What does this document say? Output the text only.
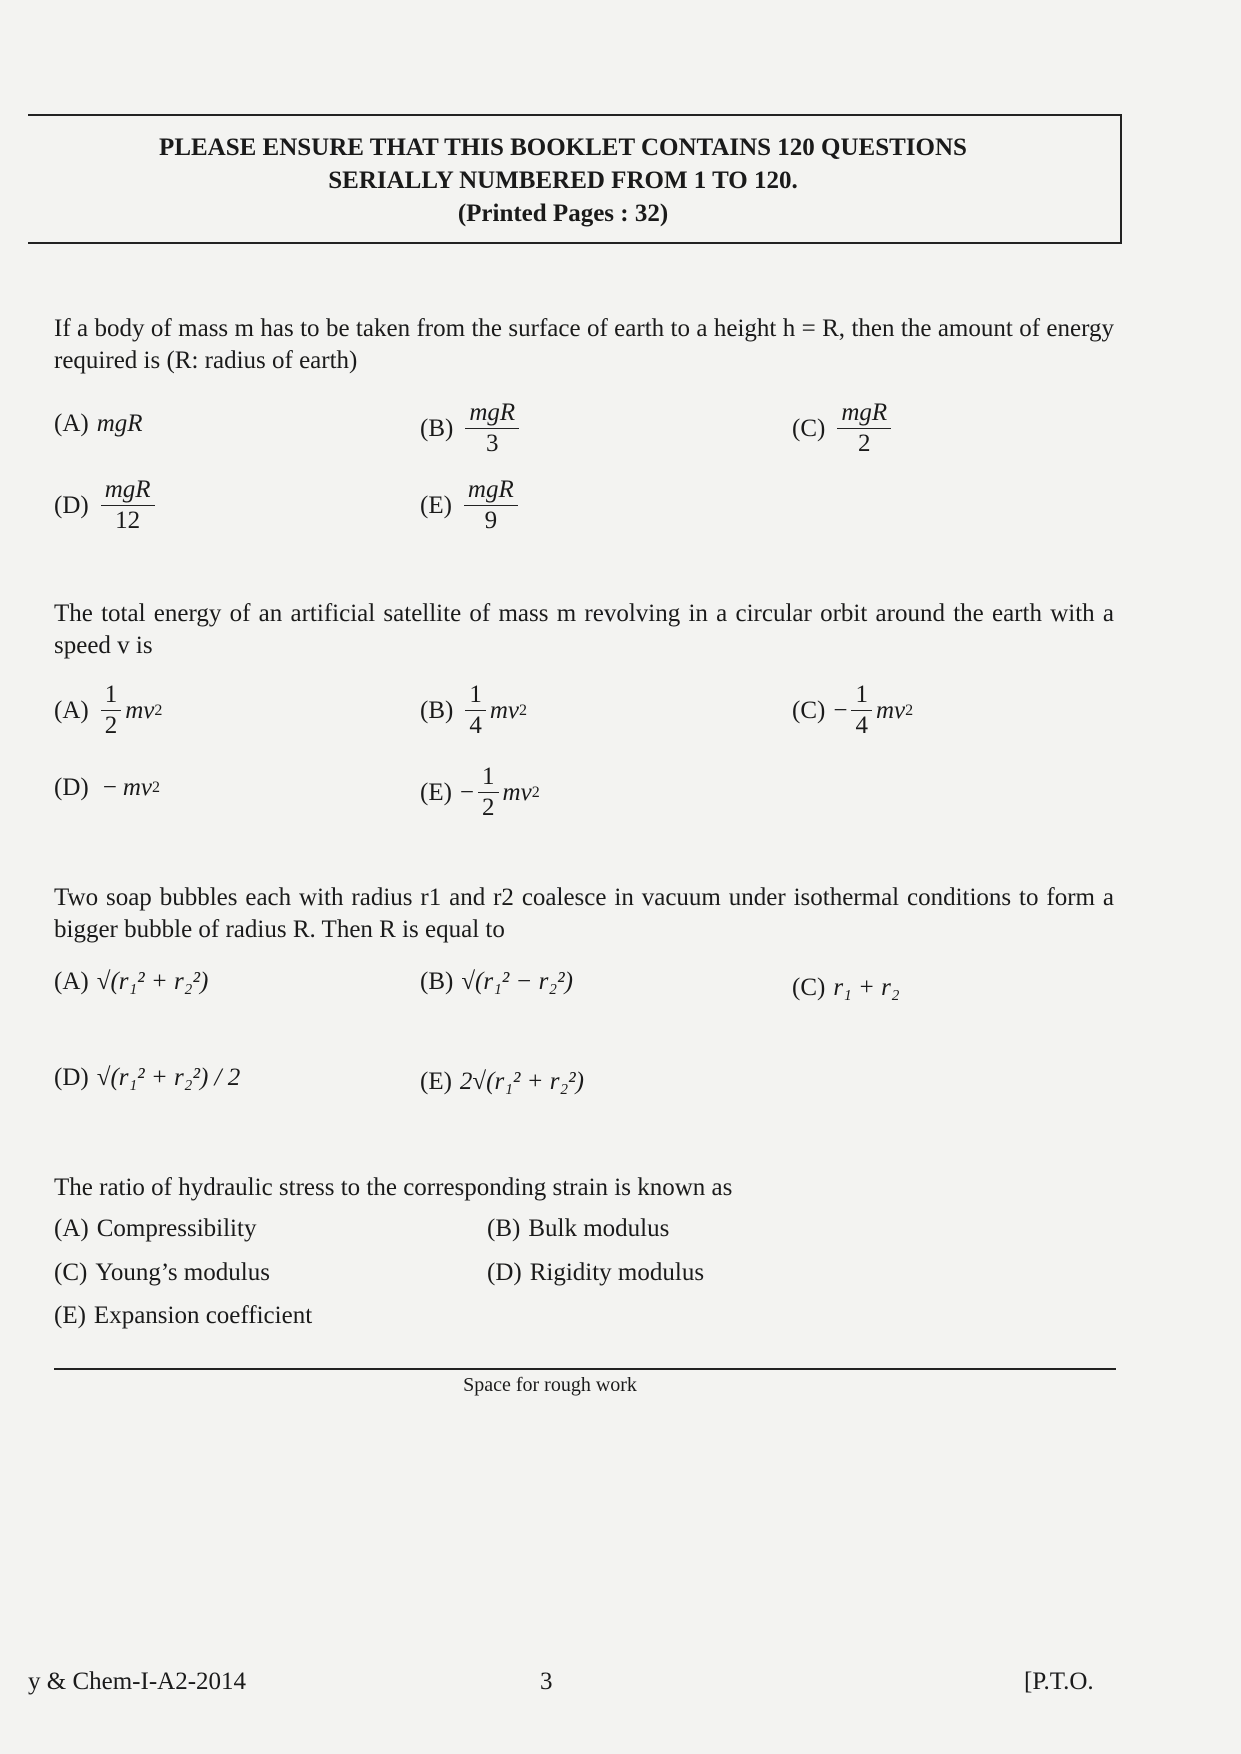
PLEASE ENSURE THAT THIS BOOKLET CONTAINS 120 QUESTIONS
SERIALLY NUMBERED FROM 1 TO 120.
(Printed Pages : 32)
If a body of mass m has to be taken from the surface of earth to a height h = R, then the amount of energy required is (R: radius of earth)
(A) mgR	$(B) \frac{\text{mgR}}{3}$	$(C) \frac{\text{mgR}}{2}$
$(D) \frac{\text{mgR}}{12}$	$(E) \frac{\text{mgR}}{9}$
The total energy of an artificial satellite of mass m revolving in a circular orbit around the earth with a speed v is
$(A) \frac{1}{2}$ mv 2	$(B) \frac{1}{4}$ mv 2	$(C) - \frac{1}{4}$ mv 2
(D) − mv 2	$(E) - \frac{1}{2}$ mv 2
Two soap bubbles each with radius r1 and r2 coalesce in vacuum under isothermal conditions to form a bigger bubble of radius R. Then R is equal to
(A) √(r₁² + r₂²)	(B) √(r₁² − r₂²)	(C) r₁ + r₂
(D) √(r₁² + r₂²) / 2	(E) 2√(r₁² + r₂²)
The ratio of hydraulic stress to the corresponding strain is known as
(A) Compressibility	(B) Bulk modulus
(C) Young’s modulus	(D) Rigidity modulus
(E) Expansion coefficient
Space for rough work
y & Chem-I-A2-2014	3	[P.T.O.
